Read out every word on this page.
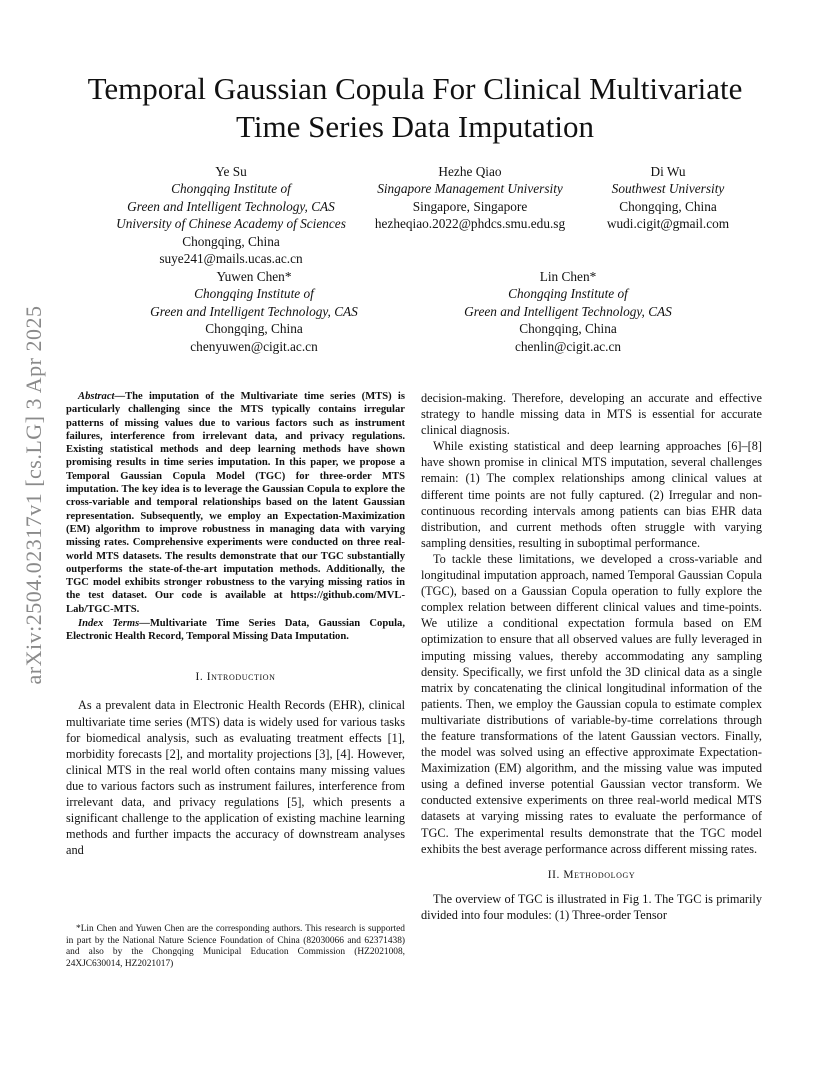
arXiv:2504.02317v1 [cs.LG] 3 Apr 2025
Temporal Gaussian Copula For Clinical Multivariate
Time Series Data Imputation
Ye Su
Chongqing Institute of
Green and Intelligent Technology, CAS
University of Chinese Academy of Sciences
Chongqing, China
suye241@mails.ucas.ac.cn
Hezhe Qiao
Singapore Management University
Singapore, Singapore
hezheqiao.2022@phdcs.smu.edu.sg
Di Wu
Southwest University
Chongqing, China
wudi.cigit@gmail.com
Yuwen Chen*
Chongqing Institute of
Green and Intelligent Technology, CAS
Chongqing, China
chenyuwen@cigit.ac.cn
Lin Chen*
Chongqing Institute of
Green and Intelligent Technology, CAS
Chongqing, China
chenlin@cigit.ac.cn

Abstract—The imputation of the Multivariate time series (MTS) is particularly challenging since the MTS typically contains irregular patterns of missing values due to various factors such as instrument failures, interference from irrelevant data, and privacy regulations. Existing statistical methods and deep learning methods have shown promising results in time series imputation. In this paper, we propose a Temporal Gaussian Copula Model (TGC) for three-order MTS imputation. The key idea is to leverage the Gaussian Copula to explore the cross-variable and temporal relationships based on the latent Gaussian representation. Subsequently, we employ an Expectation-Maximization (EM) algorithm to improve robustness in managing data with varying missing rates. Comprehensive experiments were conducted on three real-world MTS datasets. The results demonstrate that our TGC substantially outperforms the state-of-the-art imputation methods. Additionally, the TGC model exhibits stronger robustness to the varying missing ratios in the test dataset. Our code is available at https://github.com/MVL-Lab/TGC-MTS.

Index Terms—Multivariate Time Series Data, Gaussian Copula, Electronic Health Record, Temporal Missing Data Imputation.

I. Introduction

As a prevalent data in Electronic Health Records (EHR), clinical multivariate time series (MTS) data is widely used for various tasks for biomedical analysis, such as evaluating treatment effects [1], morbidity forecasts [2], and mortality projections [3], [4]. However, clinical MTS in the real world often contains many missing values due to various factors such as instrument failures, interference from irrelevant data, and privacy regulations [5], which presents a significant challenge to the application of existing machine learning methods and further impacts the accuracy of downstream analyses and

*Lin Chen and Yuwen Chen are the corresponding authors. This research is supported in part by the National Nature Science Foundation of China (82030066 and 62371438) and also by the Chongqing Municipal Education Commission (HZ2021008, 24XJC630014, HZ2021017)

decision-making. Therefore, developing an accurate and effective strategy to handle missing data in MTS is essential for accurate clinical diagnosis.

While existing statistical and deep learning approaches [6]–[8] have shown promise in clinical MTS imputation, several challenges remain: (1) The complex relationships among clinical values at different time points are not fully captured. (2) Irregular and non-continuous recording intervals among patients can bias EHR data distribution, and current methods often struggle with varying sampling densities, resulting in suboptimal performance.

To tackle these limitations, we developed a cross-variable and longitudinal imputation approach, named Temporal Gaussian Copula (TGC), based on a Gaussian Copula operation to fully explore the complex relation between different clinical values and time-points. We utilize a conditional expectation formula based on EM optimization to ensure that all observed values are fully leveraged in imputing missing values, thereby accommodating any sampling density. Specifically, we first unfold the 3D clinical data as a single matrix by concatenating the clinical longitudinal information of the patients. Then, we employ the Gaussian copula to estimate complex multivariate distributions of variable-by-time correlations through the feature transformations of the latent Gaussian vectors. Finally, the model was solved using an effective approximate Expectation-Maximization (EM) algorithm, and the missing value was imputed using a defined inverse potential Gaussian vector transform. We conducted extensive experiments on three real-world medical MTS datasets at varying missing rates to evaluate the performance of TGC. The experimental results demonstrate that the TGC model exhibits the best average performance across different missing rates.

II. Methodology

The overview of TGC is illustrated in Fig 1. The TGC is primarily divided into four modules: (1) Three-order Tensor
